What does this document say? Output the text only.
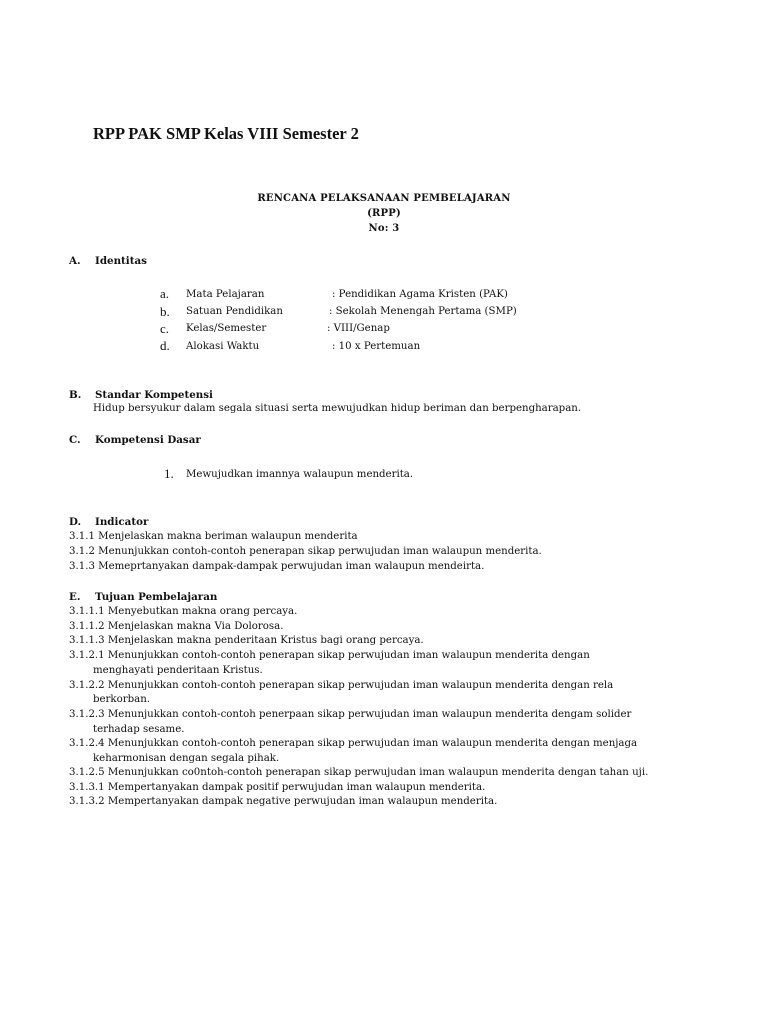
RPP PAK SMP Kelas VIII Semester 2
RENCANA PELAKSANAAN PEMBELAJARAN
(RPP)
No: 3
A. Identitas
a. Mata Pelajaran	: Pendidikan Agama Kristen (PAK)
b. Satuan Pendidikan	: Sekolah Menengah Pertama (SMP)
c. Kelas/Semester	: VIII/Genap
d. Alokasi Waktu	: 10 x Pertemuan
B. Standar Kompetensi
Hidup bersyukur dalam segala situasi serta mewujudkan hidup beriman dan berpengharapan.
C. Kompetensi Dasar
1. Mewujudkan imannya walaupun menderita.
D. Indicator
3.1.1 Menjelaskan makna beriman walaupun menderita
3.1.2 Menunjukkan contoh-contoh penerapan sikap perwujudan iman walaupun menderita.
3.1.3 Memeprtanyakan dampak-dampak perwujudan iman walaupun mendeirta.
E. Tujuan Pembelajaran
3.1.1.1 Menyebutkan makna orang percaya.
3.1.1.2 Menjelaskan makna Via Dolorosa.
3.1.1.3 Menjelaskan makna penderitaan Kristus bagi orang percaya.
3.1.2.1 Menunjukkan contoh-contoh penerapan sikap perwujudan iman walaupun menderita dengan
menghayati penderitaan Kristus.
3.1.2.2 Menunjukkan contoh-contoh penerapan sikap perwujudan iman walaupun menderita dengan rela
berkorban.
3.1.2.3 Menunjukkan contoh-contoh penerpaan sikap perwujudan iman walaupun menderita dengam solider
terhadap sesame.
3.1.2.4 Menunjukkan contoh-contoh penerapan sikap perwujudan iman walaupun menderita dengan menjaga
keharmonisan dengan segala pihak.
3.1.2.5 Menunjukkan co0ntoh-contoh penerapan sikap perwujudan iman walaupun menderita dengan tahan uji.
3.1.3.1 Mempertanyakan dampak positif perwujudan iman walaupun menderita.
3.1.3.2 Mempertanyakan dampak negative perwujudan iman walaupun menderita.
